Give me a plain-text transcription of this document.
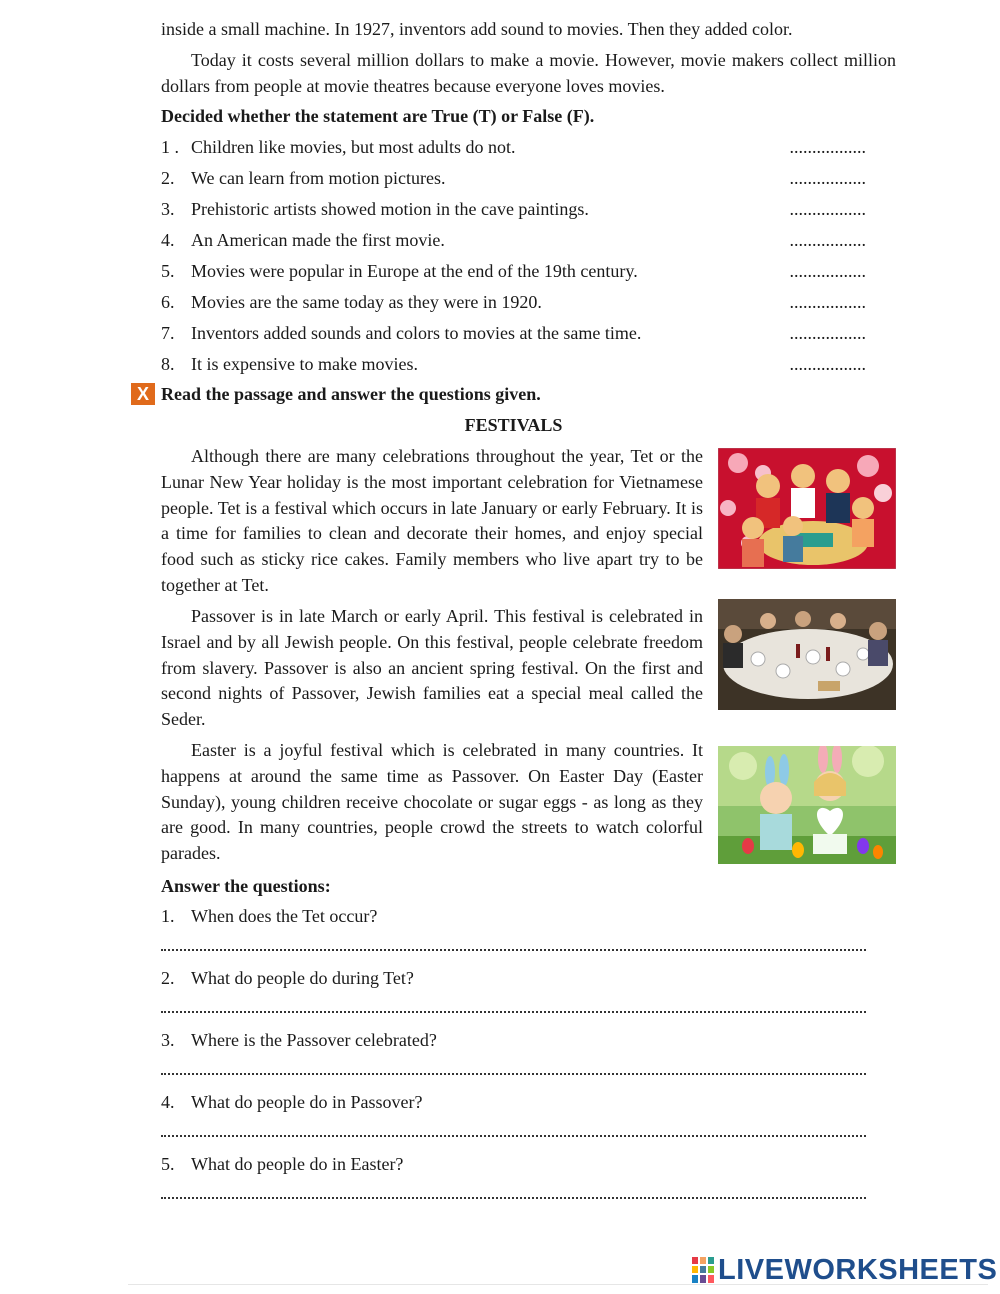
inside a small machine. In 1927, inventors add sound to movies. Then they added color.

Today it costs several million dollars to make a movie. However, movie makers collect million dollars from people at movie theatres because everyone loves movies.

Decided whether the statement are True (T) or False (F).

1 . Children like movies, but most adults do not.	.................
2. We can learn from motion pictures.	.................
3. Prehistoric artists showed motion in the cave paintings.	.................
4. An American made the first movie.	.................
5. Movies were popular in Europe at the end of the 19th century.	.................
6. Movies are the same today as they were in 1920.	.................
7. Inventors added sounds and colors to movies at the same time.	.................
8. It is expensive to make movies.	.................
X Read the passage and answer the questions given.

FESTIVALS

Although there are many celebrations throughout the year, Tet or the Lunar New Year holiday is the most important celebration for Vietnamese people. Tet is a festival which occurs in late January or early February. It is a time for families to clean and decorate their homes, and enjoy special food such as sticky rice cakes. Family members who live apart try to be together at Tet.

Passover is in late March or early April. This festival is celebrated in Israel and by all Jewish people. On this festival, people celebrate freedom from slavery. Passover is also an ancient spring festival. On the first and second nights of Passover, Jewish families eat a special meal called the Seder.

Easter is a joyful festival which is celebrated in many countries. It happens at around the same time as Passover. On Easter Day (Easter Sunday), young children receive chocolate or sugar eggs - as long as they are good. In many countries, people crowd the streets to watch colorful parades.

Answer the questions:

1. When does the Tet occur?
2. What do people do during Tet?
3. Where is the Passover celebrated?
4. What do people do in Passover?
5. What do people do in Easter?
LIVEWORKSHEETS
